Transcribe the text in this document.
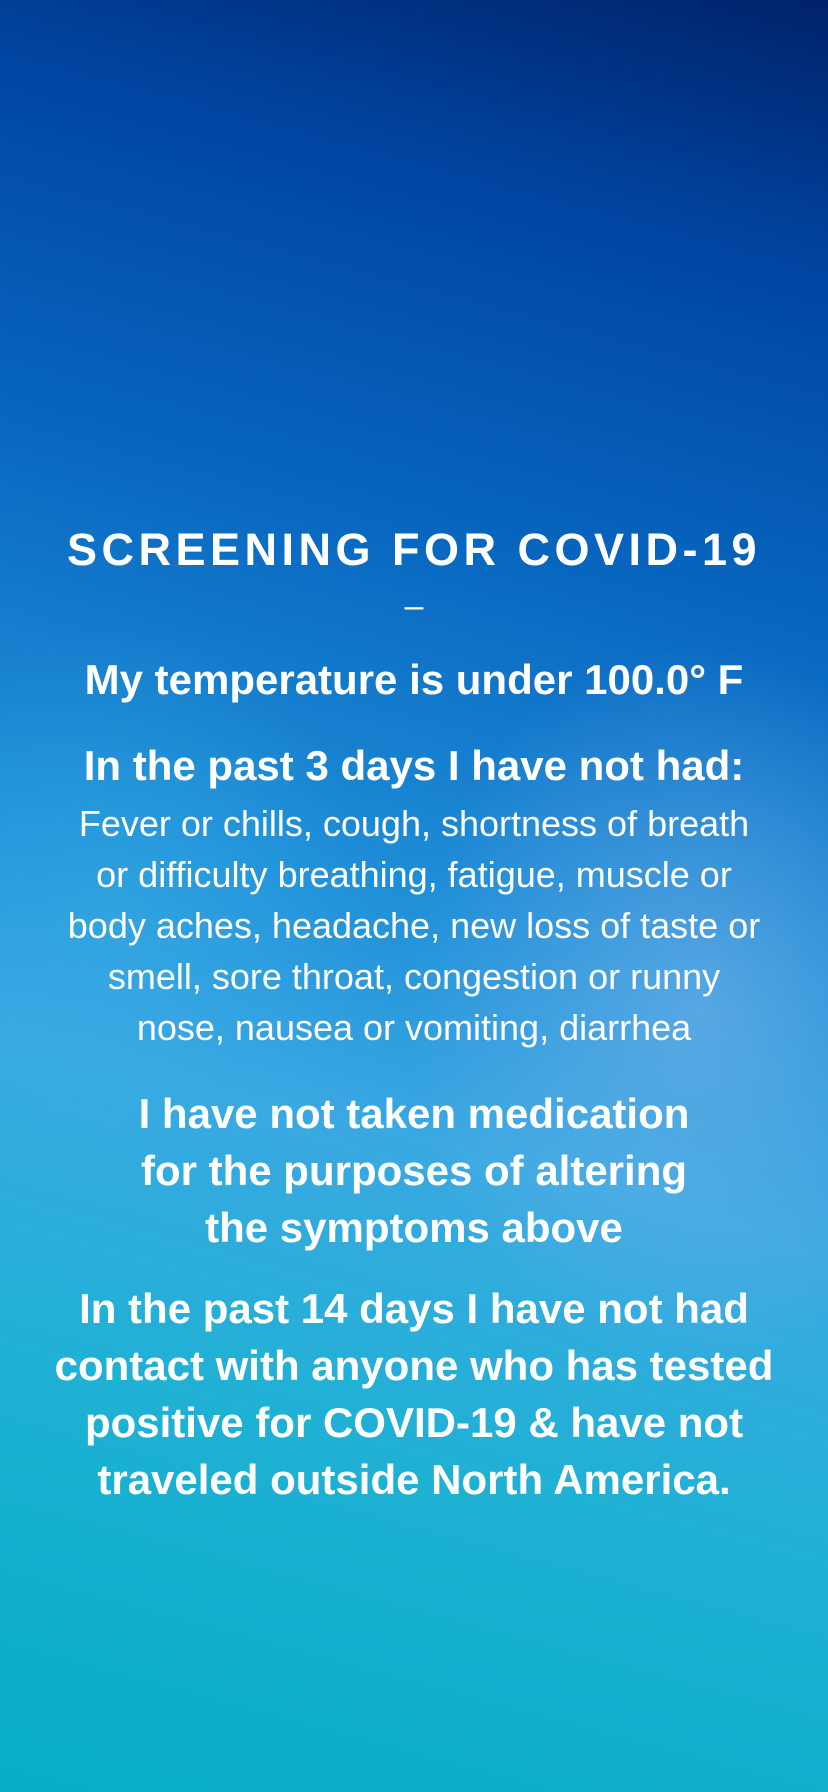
SCREENING FOR COVID-19
–

My temperature is under 100.0° F

In the past 3 days I have not had:

Fever or chills, cough, shortness of breath or difficulty breathing, fatigue, muscle or body aches, headache, new loss of taste or smell, sore throat, congestion or runny nose, nausea or vomiting, diarrhea

I have not taken medication for the purposes of altering the symptoms above

In the past 14 days I have not had contact with anyone who has tested positive for COVID-19 & have not traveled outside North America.
